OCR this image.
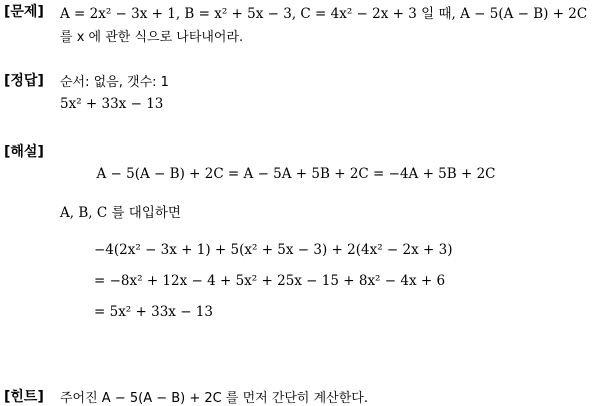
[문제] A = 2x² − 3x + 1, B = x² + 5x − 3, C = 4x² − 2x + 3 일 때, A − 5(A − B) + 2C
를 x 에 관한 식으로 나타내어라.
[정답] 순서: 없음, 갯수: 1
5x² + 33x − 13
[해설]
A − 5(A − B) + 2C = A − 5A + 5B + 2C = −4A + 5B + 2C
A, B, C 를 대입하면
−4(2x² − 3x + 1) + 5(x² + 5x − 3) + 2(4x² − 2x + 3)
= −8x² + 12x − 4 + 5x² + 25x − 15 + 8x² − 4x + 6
= 5x² + 33x − 13
[힌트] 주어진 A − 5(A − B) + 2C 를 먼저 간단히 계산한다.
